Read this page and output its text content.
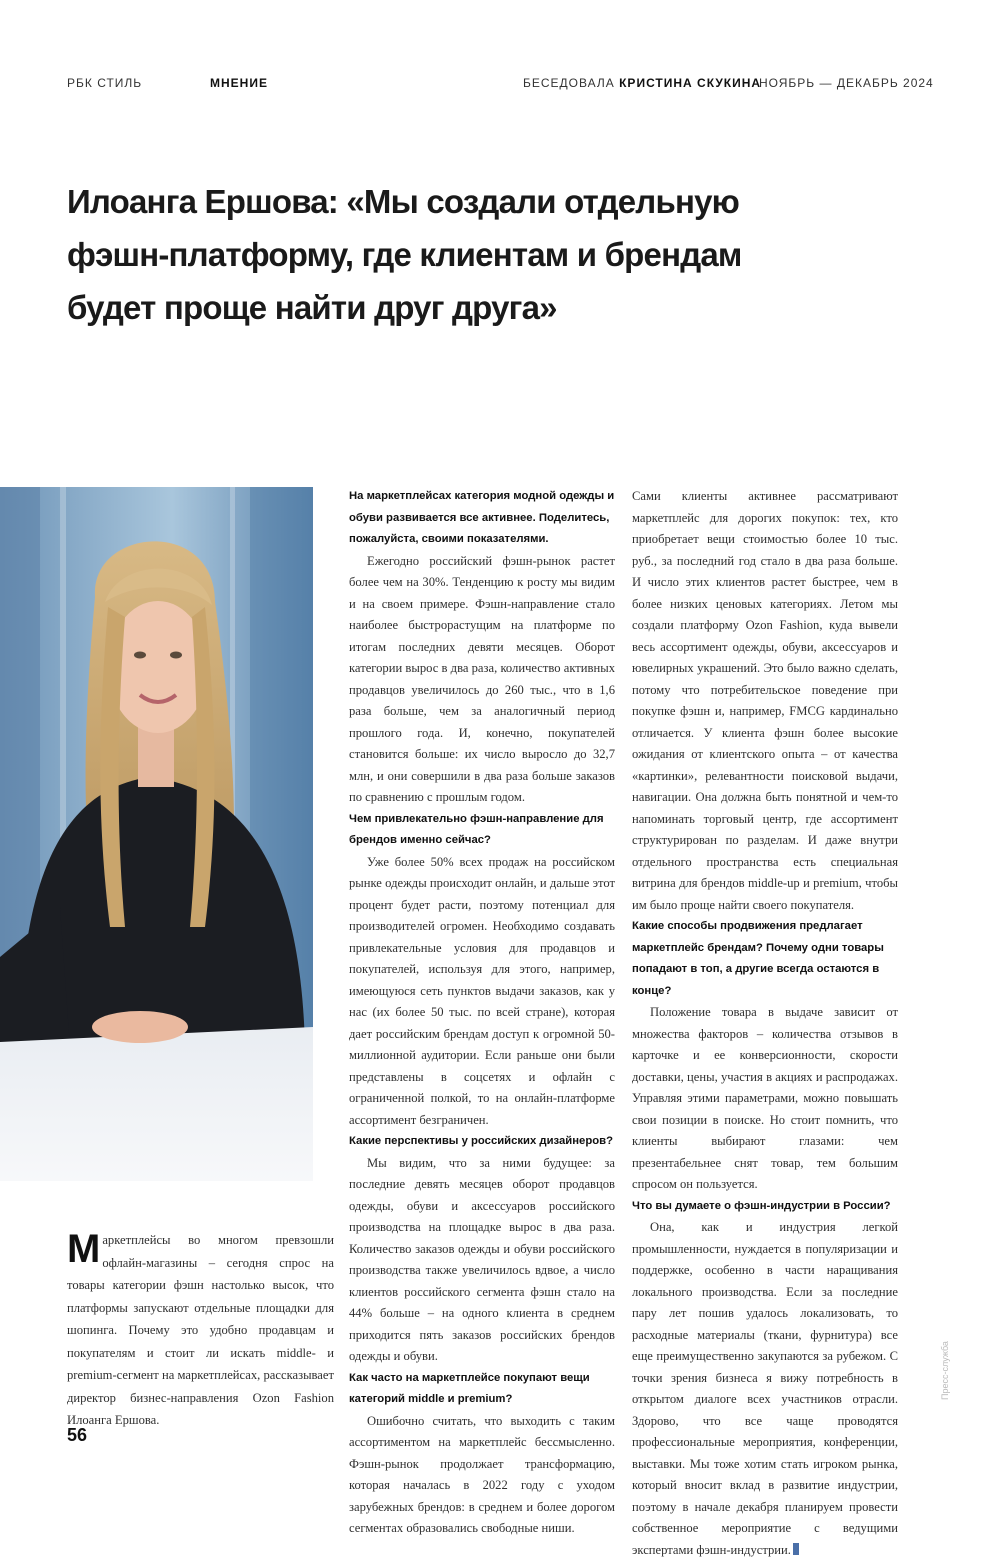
РБК СТИЛЬ	МНЕНИЕ	БЕСЕДОВАЛА КРИСТИНА СКУКИНА
НОЯБРЬ — ДЕКАБРЬ 2024
Илоанга Ершова: «Мы создали отдельную фэшн-платформу, где клиентам и брендам будет проще найти друг друга»
Маркетплейсы во многом превзошли офлайн-магазины – сегодня спрос на товары категории фэшн настолько высок, что платформы запускают отдельные площадки для шопинга. Почему это удобно продавцам и покупателям и стоит ли искать middle- и premium-сегмент на маркетплейсах, рассказывает директор бизнес-направления Ozon Fashion Илоанга Ершова.
На маркетплейсах категория модной одежды и обуви развивается все активнее. Поделитесь, пожалуйста, своими показателями.

Ежегодно российский фэшн-рынок растет более чем на 30%. Тенденцию к росту мы видим и на своем примере. Фэшн-направление стало наиболее быстрорастущим на платформе по итогам последних девяти месяцев. Оборот категории вырос в два раза, количество активных продавцов увеличилось до 260 тыс., что в 1,6 раза больше, чем за аналогичный период прошлого года. И, конечно, покупателей становится больше: их число выросло до 32,7 млн, и они совершили в два раза больше заказов по сравнению с прошлым годом.

Чем привлекательно фэшн-направление для брендов именно сейчас?

Уже более 50% всех продаж на российском рынке одежды происходит онлайн, и дальше этот процент будет расти, поэтому потенциал для производителей огромен. Необходимо создавать привлекательные условия для продавцов и покупателей, используя для этого, например, имеющуюся сеть пунктов выдачи заказов, как у нас (их более 50 тыс. по всей стране), которая дает российским брендам доступ к огромной 50-миллионной аудитории. Если раньше они были представлены в соцсетях и офлайн с ограниченной полкой, то на онлайн-платформе ассортимент безграничен.

Какие перспективы у российских дизайнеров?

Мы видим, что за ними будущее: за последние девять месяцев оборот продавцов одежды, обуви и аксессуаров российского производства на площадке вырос в два раза. Количество заказов одежды и обуви российского производства также увеличилось вдвое, а число клиентов российского сегмента фэшн стало на 44% больше – на одного клиента в среднем приходится пять заказов российских брендов одежды и обуви.

Как часто на маркетплейсе покупают вещи категорий middle и premium?

Ошибочно считать, что выходить с таким ассортиментом на маркетплейс бессмысленно. Фэшн-рынок продолжает трансформацию, которая началась в 2022 году с уходом зарубежных брендов: в среднем и более дорогом сегментах образовались свободные ниши.

Сами клиенты активнее рассматривают маркетплейс для дорогих покупок: тех, кто приобретает вещи стоимостью более 10 тыс. руб., за последний год стало в два раза больше. И число этих клиентов растет быстрее, чем в более низких ценовых категориях. Летом мы создали платформу Ozon Fashion, куда вывели весь ассортимент одежды, обуви, аксессуаров и ювелирных украшений. Это было важно сделать, потому что потребительское поведение при покупке фэшн и, например, FMCG кардинально отличается. У клиента фэшн более высокие ожидания от клиентского опыта – от качества «картинки», релевантности поисковой выдачи, навигации. Она должна быть понятной и чем-то напоминать торговый центр, где ассортимент структурирован по разделам. И даже внутри отдельного пространства есть специальная витрина для брендов middle-up и premium, чтобы им было проще найти своего покупателя.

Какие способы продвижения предлагает маркетплейс брендам? Почему одни товары попадают в топ, а другие всегда остаются в конце?

Положение товара в выдаче зависит от множества факторов – количества отзывов в карточке и ее конверсионности, скорости доставки, цены, участия в акциях и распродажах. Управляя этими параметрами, можно повышать свои позиции в поиске. Но стоит помнить, что клиенты выбирают глазами: чем презентабельнее снят товар, тем большим спросом он пользуется.

Что вы думаете о фэшн-индустрии в России?

Она, как и индустрия легкой промышленности, нуждается в популяризации и поддержке, особенно в части наращивания локального производства. Если за последние пару лет пошив удалось локализовать, то расходные материалы (ткани, фурнитура) все еще преимущественно закупаются за рубежом. С точки зрения бизнеса я вижу потребность в открытом диалоге всех участников отрасли. Здорово, что все чаще проводятся профессиональные мероприятия, конференции, выставки. Мы тоже хотим стать игроком рынка, который вносит вклад в развитие индустрии, поэтому в начале декабря планируем провести собственное мероприятие с ведущими экспертами фэшн-индустрии.

56
Пресс-служба
